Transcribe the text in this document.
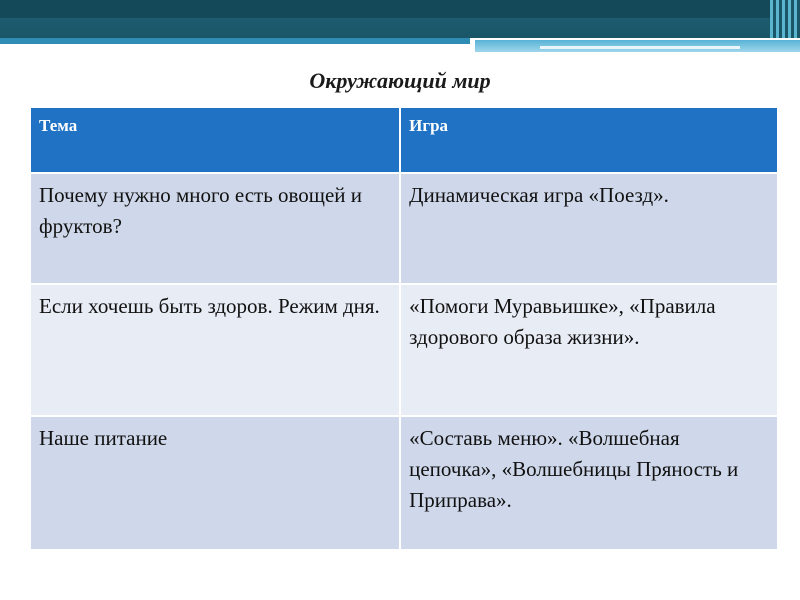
Окружающий мир
Тема	Игра
Почему нужно много есть овощей и фруктов?	Динамическая игра «Поезд».
Если хочешь быть здоров. Режим дня.	«Помоги Муравьишке», «Правила здорового образа жизни».
Наше питание	«Составь меню». «Волшебная цепочка», «Волшебницы Пряность и Приправа».
